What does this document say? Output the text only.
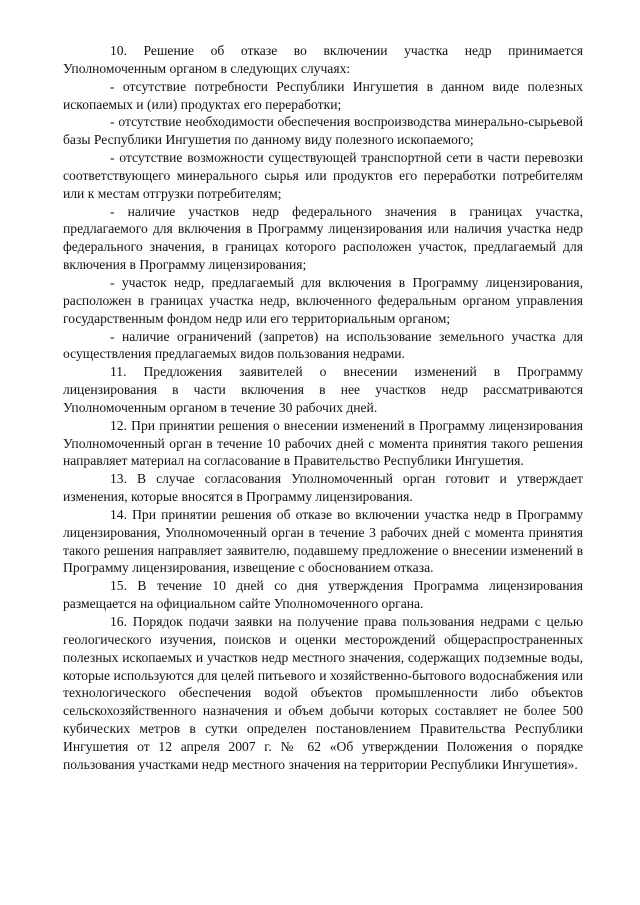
10. Решение об отказе во включении участка недр принимается Уполномоченным органом в следующих случаях:

- отсутствие потребности Республики Ингушетия в данном виде полезных ископаемых и (или) продуктах его переработки;

- отсутствие необходимости обеспечения воспроизводства минерально-сырьевой базы Республики Ингушетия по данному виду полезного ископаемого;

- отсутствие возможности существующей транспортной сети в части перевозки соответствующего минерального сырья или продуктов его переработки потребителям или к местам отгрузки потребителям;

- наличие участков недр федерального значения в границах участка, предлагаемого для включения в Программу лицензирования или наличия участка недр федерального значения, в границах которого расположен участок, предлагаемый для включения в Программу лицензирования;

- участок недр, предлагаемый для включения в Программу лицензирования, расположен в границах участка недр, включенного федеральным органом управления государственным фондом недр или его территориальным органом;

- наличие ограничений (запретов) на использование земельного участка для осуществления предлагаемых видов пользования недрами.

11. Предложения заявителей о внесении изменений в Программу лицензирования в части включения в нее участков недр рассматриваются Уполномоченным органом в течение 30 рабочих дней.

12. При принятии решения о внесении изменений в Программу лицензирования Уполномоченный орган в течение 10 рабочих дней с момента принятия такого решения направляет материал на согласование в Правительство Республики Ингушетия.

13. В случае согласования Уполномоченный орган готовит и утверждает изменения, которые вносятся в Программу лицензирования.

14. При принятии решения об отказе во включении участка недр в Программу лицензирования, Уполномоченный орган в течение 3 рабочих дней с момента принятия такого решения направляет заявителю, подавшему предложение о внесении изменений в Программу лицензирования, извещение с обоснованием отказа.

15. В течение 10 дней со дня утверждения Программа лицензирования размещается на официальном сайте Уполномоченного органа.

16. Порядок подачи заявки на получение права пользования недрами с целью геологического изучения, поисков и оценки месторождений общераспространенных полезных ископаемых и участков недр местного значения, содержащих подземные воды, которые используются для целей питьевого и хозяйственно-бытового водоснабжения или технологического обеспечения водой объектов промышленности либо объектов сельскохозяйственного назначения и объем добычи которых составляет не более 500 кубических метров в сутки определен постановлением Правительства Республики Ингушетия от 12 апреля 2007 г. № 62 «Об утверждении Положения о порядке пользования участками недр местного значения на территории Республики Ингушетия».
